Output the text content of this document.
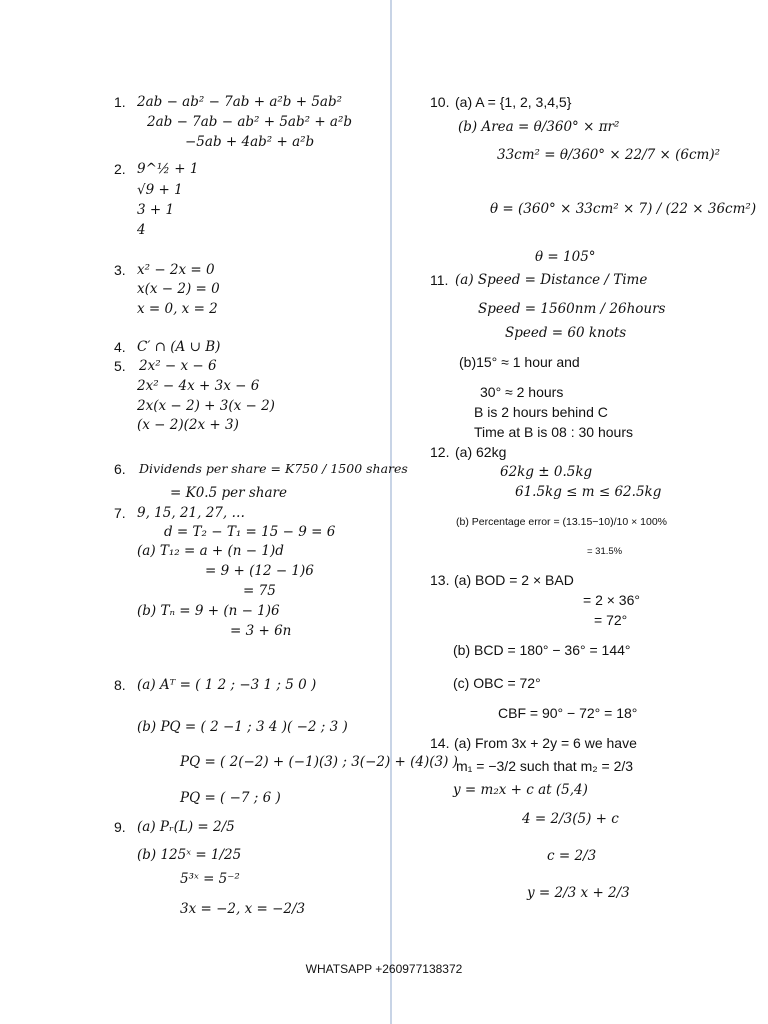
1. 2ab − ab² − 7ab + a²b + 5ab²
2ab − 7ab − ab² + 5ab² + a²b
−5ab + 4ab² + a²b
2. 9^½ + 1
√9 + 1
3 + 1
4
3. x² − 2x = 0
x(x − 2) = 0
x = 0, x = 2
4. C′ ∩ (A ∪ B)
5. 2x² − x − 6
2x² − 4x + 3x − 6
2x(x − 2) + 3(x − 2)
(x − 2)(2x + 3)
6. Dividends per share = K750 / 1500 shares
= K0.5 per share
7. 9, 15, 21, 27, …
d = T₂ − T₁ = 15 − 9 = 6
(a) T₁₂ = a + (n − 1)d
= 9 + (12 − 1)6
= 75
(b) Tₙ = 9 + (n − 1)6
= 3 + 6n
8. (a) Aᵀ = ( 1 2 ; −3 1 ; 5 0 )
(b) PQ = ( 2 −1 ; 3 4 )( −2 ; 3 )
PQ = ( 2(−2) + (−1)(3) ; 3(−2) + (4)(3) )
PQ = ( −7 ; 6 )
9. (a) Pᵣ(L) = 2/5
(b) 125ˣ = 1/25
5³ˣ = 5⁻²
3x = −2, x = −2/3
10. (a) A = {1, 2, 3,4,5}
(b) Area = θ/360° × πr²
33cm² = θ/360° × 22/7 × (6cm)²
θ = (360° × 33cm² × 7) / (22 × 36cm²)
θ = 105°
11. (a) Speed = Distance / Time
Speed = 1560nm / 26hours
Speed = 60 knots
(b)15° ≈ 1 hour and
30° ≈ 2 hours
B is 2 hours behind C
Time at B is 08 : 30 hours
12. (a) 62kg
62kg ± 0.5kg
61.5kg ≤ m ≤ 62.5kg
(b) Percentage error = (13.15−10)/10 × 100%
= 31.5%
13. (a) BOD = 2 × BAD
= 2 × 36°
= 72°
(b) BCD = 180° − 36° = 144°
(c) OBC = 72°
CBF = 90° − 72° = 18°
14. (a) From 3x + 2y = 6 we have
m₁ = −3/2 such that m₂ = 2/3
y = m₂x + c at (5,4)
4 = 2/3(5) + c
c = 2/3
y = 2/3 x + 2/3
WHATSAPP +260977138372
